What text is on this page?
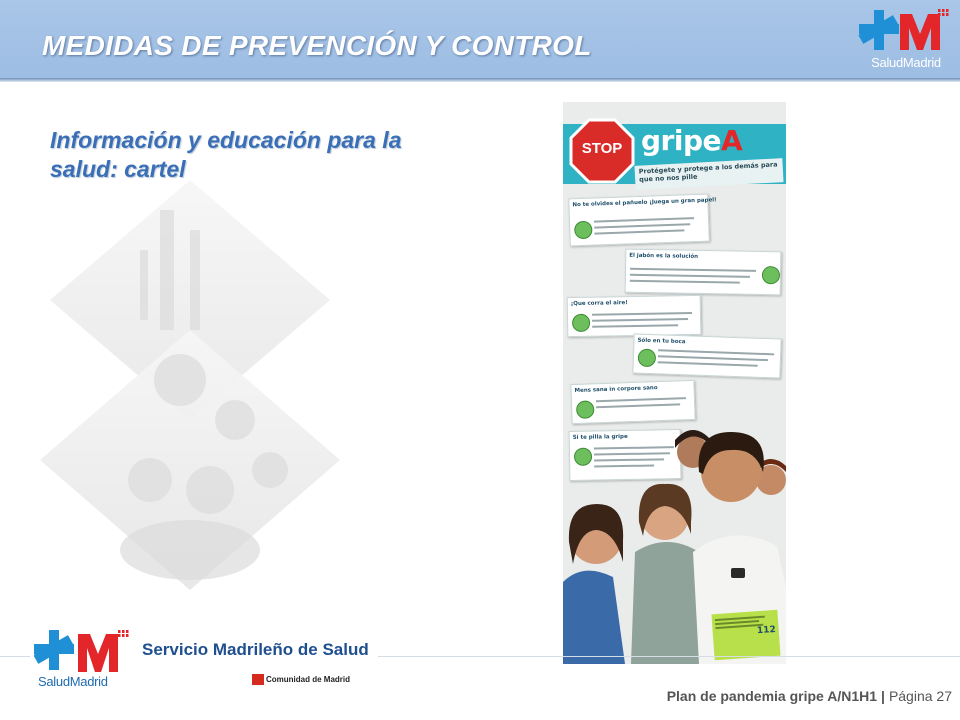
MEDIDAS DE PREVENCIÓN Y CONTROL
SaludMadrid
Información y educación para la salud: cartel
STOP gripeA
Protégete y protege a los demás para que no nos pille
No te olvides el pañuelo ¡Juega un gran papel!
El jabón es la solución
¡Que corra el aire!
Sólo en tu boca
Mens sana in corpore sano
Si te pilla la gripe
112
SaludMadrid
Servicio Madrileño de Salud
Comunidad de Madrid
Plan de pandemia gripe A/N1H1 | Página 27
